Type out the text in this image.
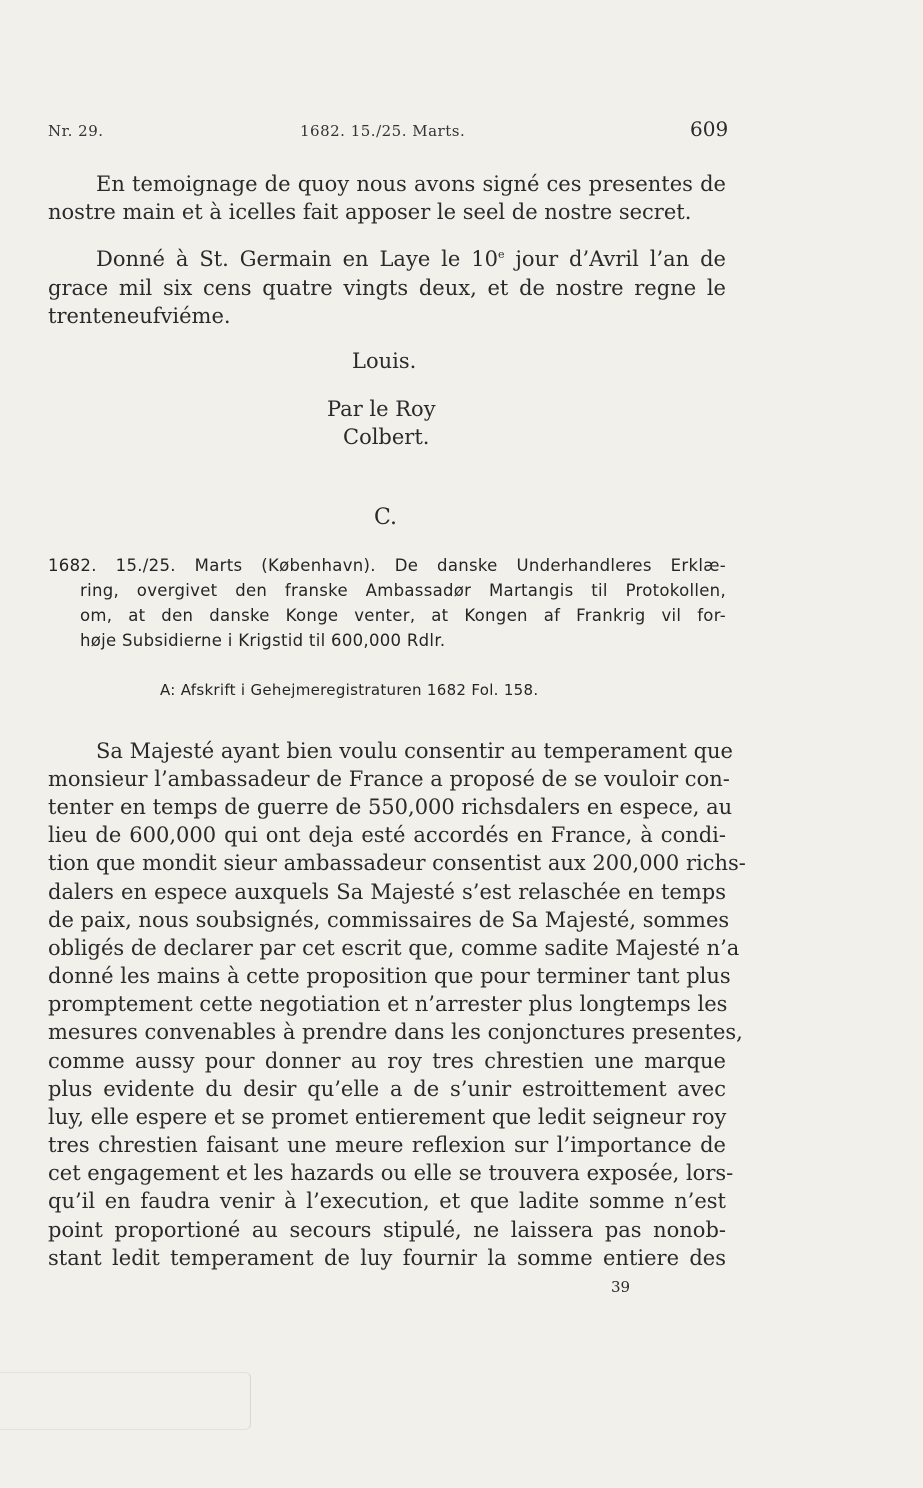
Nr. 29.	1682. 15./25. Marts.	609
En temoignage de quoy nous avons signé ces presentes de
nostre main et à icelles fait apposer le seel de nostre secret.
Donné à St. Germain en Laye le 10e jour d’Avril l’an de
grace mil six cens quatre vingts deux, et de nostre regne le
trenteneufviéme.
Louis.
Par le Roy
Colbert.
C.
1682. 15./25. Marts (København). De danske Underhandleres Erklæ-
ring, overgivet den franske Ambassadør Martangis til Protokollen,
om, at den danske Konge venter, at Kongen af Frankrig vil for-
høje Subsidierne i Krigstid til 600,000 Rdlr.
A: Afskrift i Gehejmeregistraturen 1682 Fol. 158.
Sa Majesté ayant bien voulu consentir au temperament que
monsieur l’ambassadeur de France a proposé de se vouloir con-
tenter en temps de guerre de 550,000 richsdalers en espece, au
lieu de 600,000 qui ont deja esté accordés en France, à condi-
tion que mondit sieur ambassadeur consentist aux 200,000 richs-
dalers en espece auxquels Sa Majesté s’est relaschée en temps
de paix, nous soubsignés, commissaires de Sa Majesté, sommes
obligés de declarer par cet escrit que, comme sadite Majesté n’a
donné les mains à cette proposition que pour terminer tant plus
promptement cette negotiation et n’arrester plus longtemps les
mesures convenables à prendre dans les conjonctures presentes,
comme aussy pour donner au roy tres chrestien une marque
plus evidente du desir qu’elle a de s’unir estroittement avec
luy, elle espere et se promet entierement que ledit seigneur roy
tres chrestien faisant une meure reflexion sur l’importance de
cet engagement et les hazards ou elle se trouvera exposée, lors-
qu’il en faudra venir à l’execution, et que ladite somme n’est
point proportioné au secours stipulé, ne laissera pas nonob-
stant ledit temperament de luy fournir la somme entiere des
39
